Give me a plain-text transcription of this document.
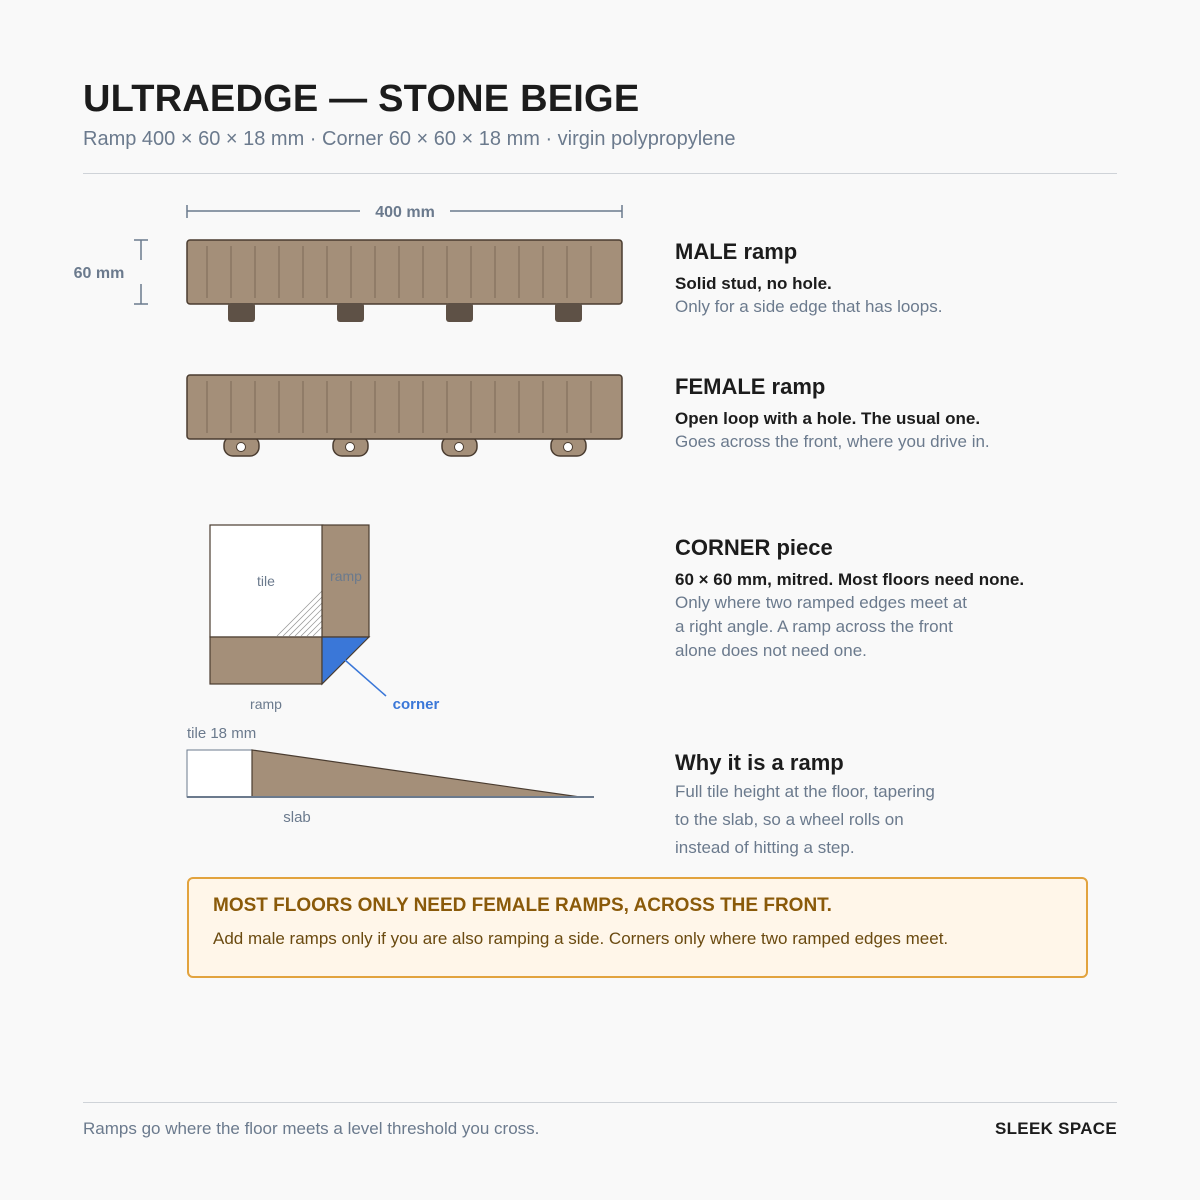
ULTRAEDGE — STONE BEIGE
Ramp 400 × 60 × 18 mm · Corner 60 × 60 × 18 mm · virgin polypropylene
400 mm
60 mm
tile	ramp
ramp	corner
tile 18 mm
slab
MALE ramp
Solid stud, no hole.
Only for a side edge that has loops.
FEMALE ramp
Open loop with a hole. The usual one.
Goes across the front, where you drive in.
CORNER piece
60 × 60 mm, mitred. Most floors need none.
Only where two ramped edges meet at
a right angle. A ramp across the front
alone does not need one.
Why it is a ramp
Full tile height at the floor, tapering
to the slab, so a wheel rolls on
instead of hitting a step.
MOST FLOORS ONLY NEED FEMALE RAMPS, ACROSS THE FRONT.
Add male ramps only if you are also ramping a side. Corners only where two ramped edges meet.
Ramps go where the floor meets a level threshold you cross.	SLEEK SPACE
